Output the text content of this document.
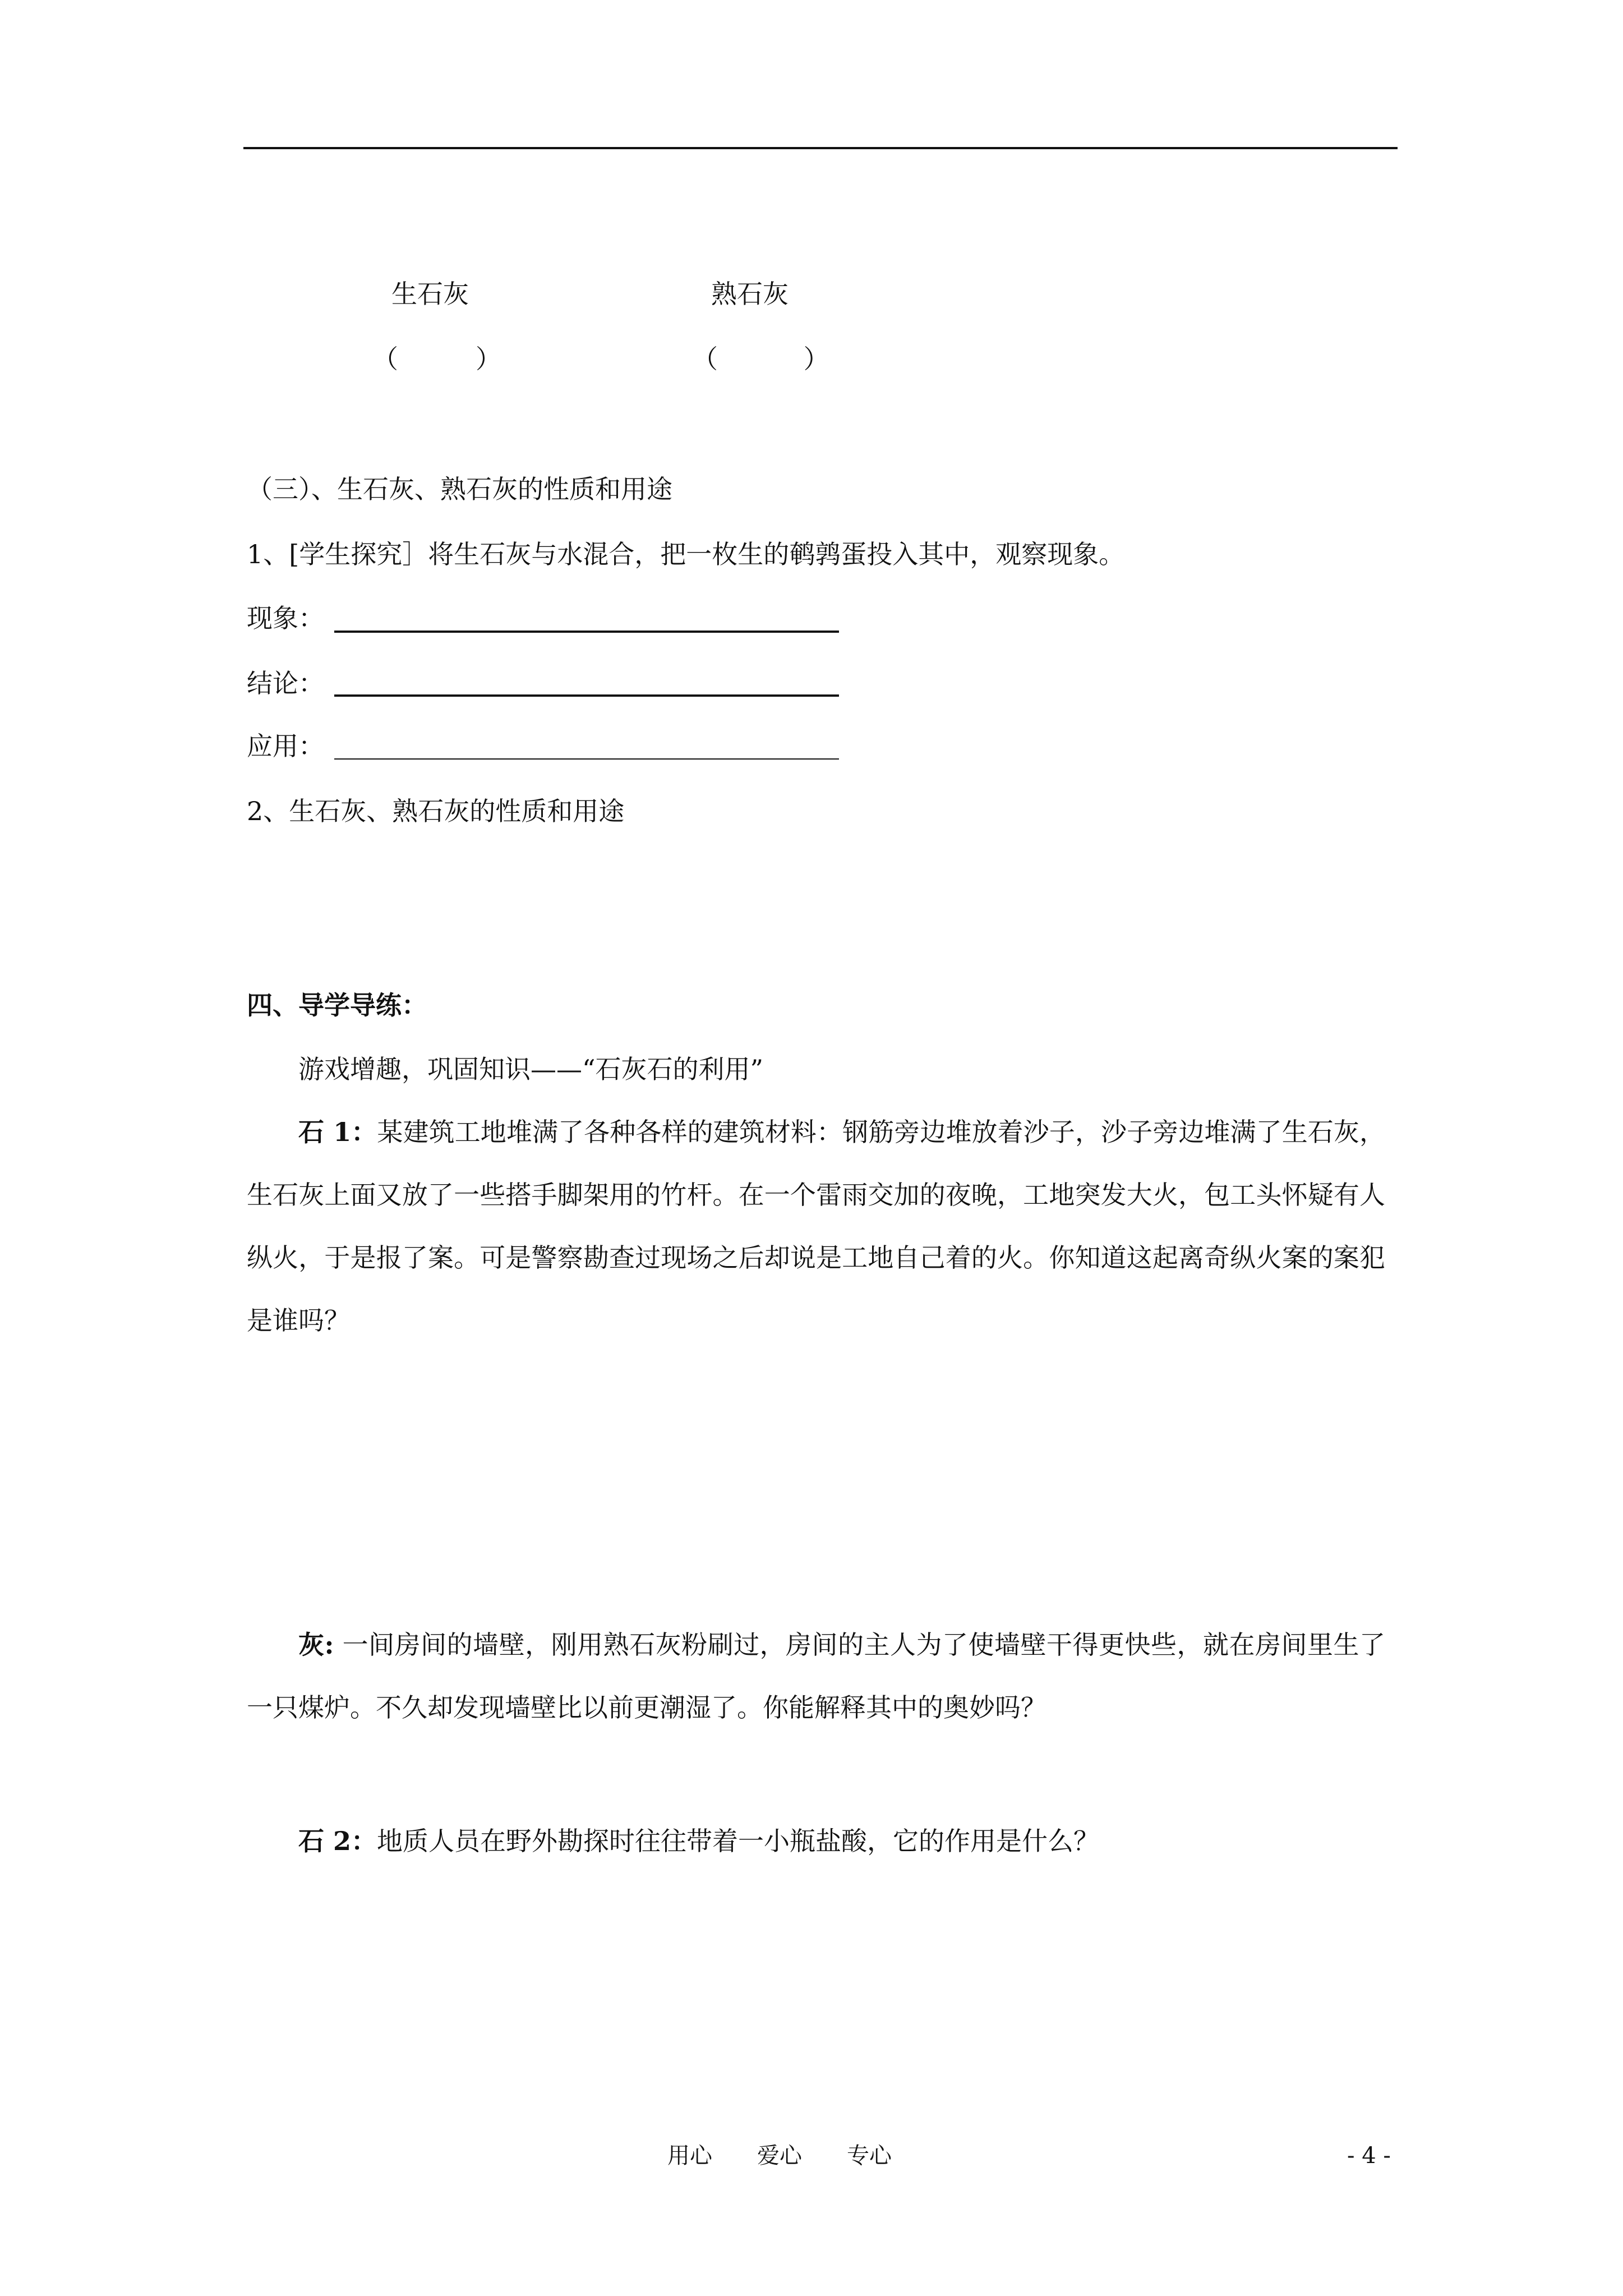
生石灰	熟石灰
（　　　）	（　　　 ）
（三）、生石灰、熟石灰的性质和用途
1、[学生探究］将生石灰与水混合，把一枚生的鹌鹑蛋投入其中，观察现象。
现象：
结论：
应用：
2、生石灰、熟石灰的性质和用途
四、导学导练：
游戏增趣，巩固知识——“石灰石的利用”
石 1：某建筑工地堆满了各种各样的建筑材料：钢筋旁边堆放着沙子，沙子旁边堆满了生石灰，生石灰上面又放了一些搭手脚架用的竹杆。在一个雷雨交加的夜晚，工地突发大火，包工头怀疑有人纵火，于是报了案。可是警察勘查过现场之后却说是工地自己着的火。你知道这起离奇纵火案的案犯是谁吗？
灰: 一间房间的墙壁，刚用熟石灰粉刷过，房间的主人为了使墙壁干得更快些，就在房间里生了一只煤炉。不久却发现墙壁比以前更潮湿了。你能解释其中的奥妙吗？
石 2：地质人员在野外勘探时往往带着一小瓶盐酸，它的作用是什么？
用心　　爱心　　专心	- 4 -
